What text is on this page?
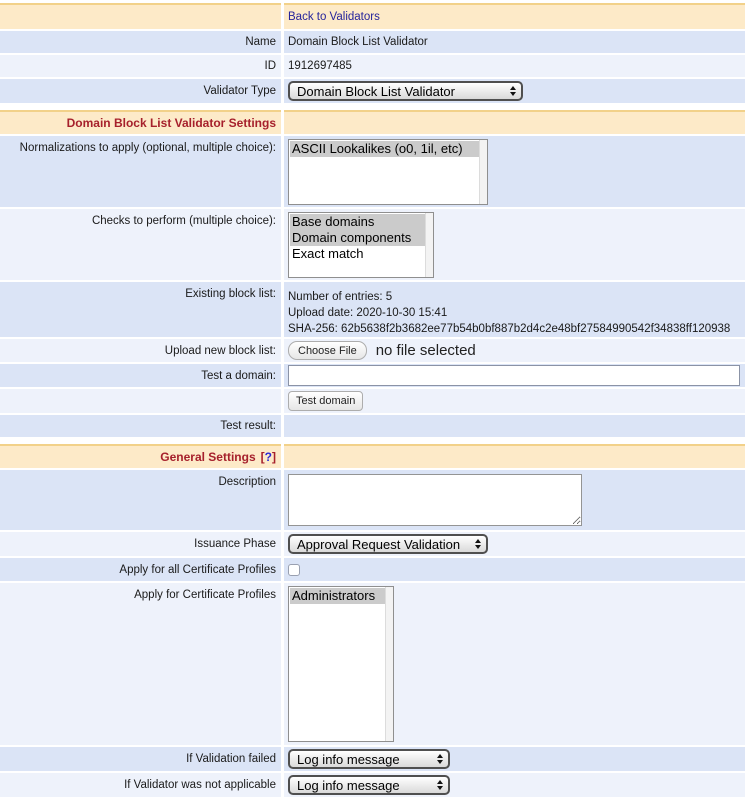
Back to Validators
Name Domain Block List Validator
ID 1912697485
Validator Type Domain Block List Validator
Domain Block List Validator Settings
Normalizations to apply (optional, multiple choice): ASCII Lookalikes (o0, 1il, etc)
Checks to perform (multiple choice): Base domains
Domain components
Exact match
Existing block list: Number of entries: 5
Upload date: 2020-10-30 15:41
SHA-256: 62b5638f2b3682ee77b54b0bf887b2d4c2e48bf27584990542f34838ff120938
Upload new block list:	Choose File	no file selected
Test a domain:
Test domain
Test result:
General Settings [?]
Description
Issuance Phase Approval Request Validation
Apply for all Certificate Profiles
Apply for Certificate Profiles Administrators
If Validation failed Log info message
If Validator was not applicable Log info message
